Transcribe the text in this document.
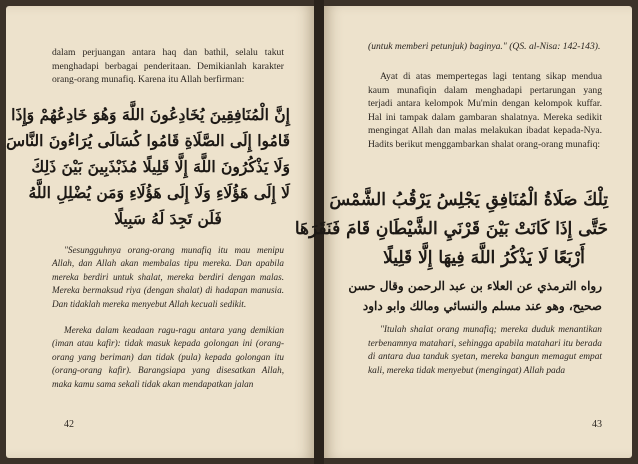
dalam perjuangan antara haq dan bathil, selalu takut menghadapi berbagai penderitaan. Demikianlah karakter orang-orang munafiq. Karena itu Allah berfirman:

إِنَّ الْمُنَافِقِينَ يُخَادِعُونَ اللَّهَ وَهُوَ خَادِعُهُمْ وَإِذَا
قَامُوا إِلَى الصَّلَاةِ قَامُوا كُسَالَى يُرَاءُونَ النَّاسَ
وَلَا يَذْكُرُونَ اللَّهَ إِلَّا قَلِيلًا مُذَبْذَبِينَ بَيْنَ ذَلِكَ
لَا إِلَى هَؤُلَاءِ وَلَا إِلَى هَؤُلَاءِ وَمَن يُضْلِلِ اللَّهُ
فَلَن تَجِدَ لَهُ سَبِيلًا

"Sesungguhnya orang-orang munafiq itu mau menipu Allah, dan Allah akan membalas tipu mereka. Dan apabila mereka berdiri untuk shalat, mereka berdiri dengan malas. Mereka bermaksud riya (dengan shalat) di hadapan manusia. Dan tidaklah mereka menyebut Allah kecuali sedikit.

Mereka dalam keadaan ragu-ragu antara yang demikian (iman atau kafir): tidak masuk kepada golongan ini (orang-orang yang beriman) dan tidak (pula) kepada golongan itu (orang-orang kafir). Barangsiapa yang disesatkan Allah, maka kamu sama sekali tidak akan mendapatkan jalan

42

(untuk memberi petunjuk) baginya." (QS. al-Nisa: 142-143).

Ayat di atas mempertegas lagi tentang sikap mendua kaum munafiqin dalam menghadapi pertarungan yang terjadi antara kelompok Mu'min dengan kelompok kuffar. Hal ini tampak dalam gambaran shalatnya. Mereka sedikit mengingat Allah dan malas melakukan ibadat kepada-Nya. Hadits berikut menggambarkan shalat orang-orang munafiq:

تِلْكَ صَلَاةُ الْمُنَافِقِ يَجْلِسُ يَرْقُبُ الشَّمْسَ
حَتَّى إِذَا كَانَتْ بَيْنَ قَرْنَيِ الشَّيْطَانِ قَامَ فَنَقَرَهَا
أَرْبَعًا لَا يَذْكُرُ اللَّهَ فِيهَا إِلَّا قَلِيلًا
رواه الترمذي عن العلاء بن عبد الرحمن وقال حسن
صحيح، وهو عند مسلم والنسائي ومالك وابو داود

"Itulah shalat orang munafiq; mereka duduk menantikan terbenamnya matahari, sehingga apabila matahari itu berada di antara dua tanduk syetan, mereka bangun memagut empat kali, mereka tidak menyebut (mengingat) Allah pada

43
